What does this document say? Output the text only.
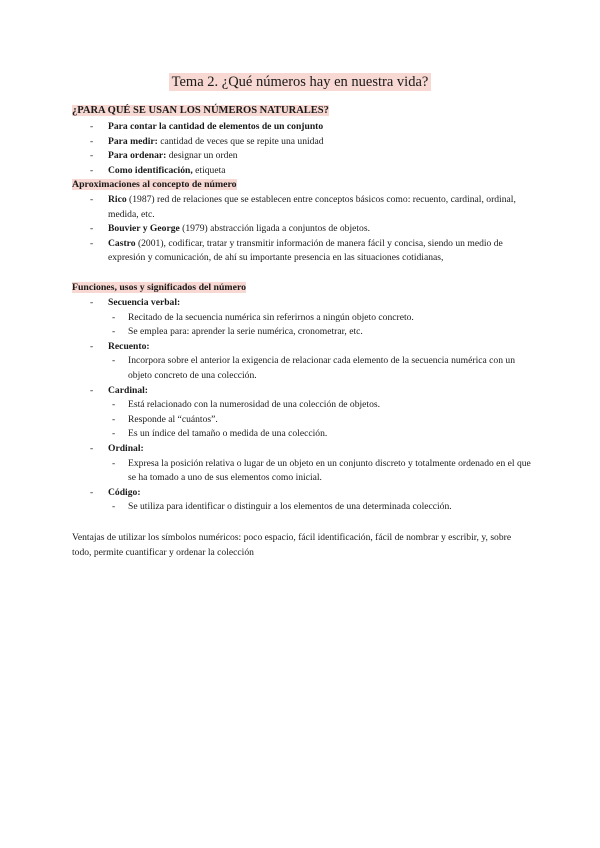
Tema 2. ¿Qué números hay en nuestra vida?
¿PARA QUÉ SE USAN LOS NÚMEROS NATURALES?
- Para contar la cantidad de elementos de un conjunto
- Para medir: cantidad de veces que se repite una unidad
- Para ordenar: designar un orden
- Como identificación, etiqueta
Aproximaciones al concepto de número
- Rico (1987) red de relaciones que se establecen entre conceptos básicos como: recuento, cardinal, ordinal, medida, etc.
- Bouvier y George (1979) abstracción ligada a conjuntos de objetos.
- Castro (2001), codificar, tratar y transmitir información de manera fácil y concisa, siendo un medio de expresión y comunicación, de ahí su importante presencia en las situaciones cotidianas,
Funciones, usos y significados del número
- Secuencia verbal:
- Recitado de la secuencia numérica sin referirnos a ningún objeto concreto.
- Se emplea para: aprender la serie numérica, cronometrar, etc.
- Recuento:
- Incorpora sobre el anterior la exigencia de relacionar cada elemento de la secuencia numérica con un objeto concreto de una colección.
- Cardinal:
- Está relacionado con la numerosidad de una colección de objetos.
- Responde al “cuántos”.
- Es un índice del tamaño o medida de una colección.
- Ordinal:
- Expresa la posición relativa o lugar de un objeto en un conjunto discreto y totalmente ordenado en el que se ha tomado a uno de sus elementos como inicial.
- Código:
- Se utiliza para identificar o distinguir a los elementos de una determinada colección.
Ventajas de utilizar los símbolos numéricos: poco espacio, fácil identificación, fácil de nombrar y escribir, y, sobre todo, permite cuantificar y ordenar la colección
